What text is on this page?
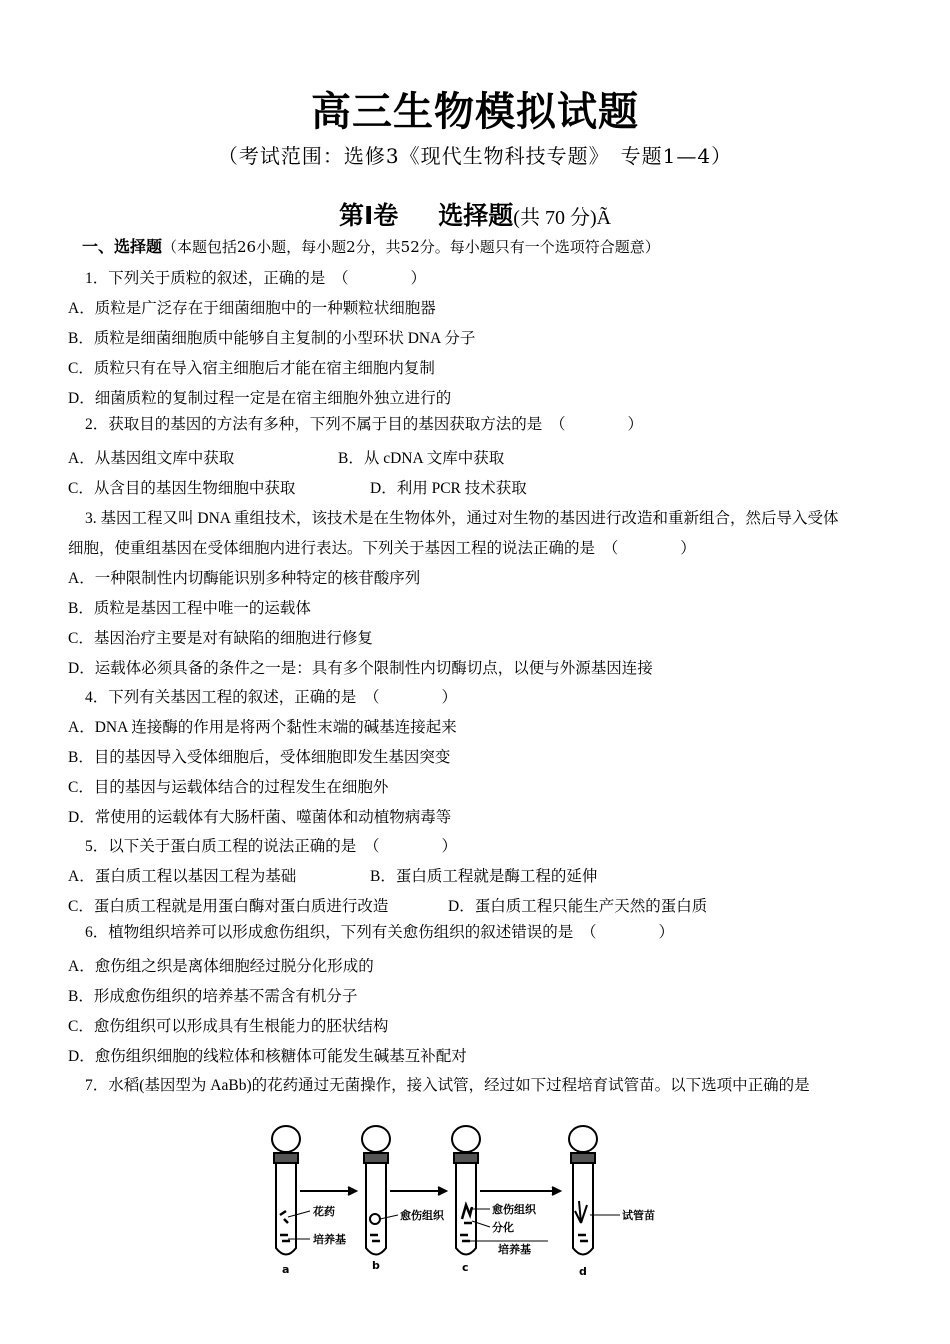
高三生物模拟试题
（考试范围：选修3《现代生物科技专题》　专题1—4）
第Ⅰ卷 选择题(共 70 分)Ã
一、选择题（本题包括26小题，每小题2分，共52分。每小题只有一个选项符合题意）
1．下列关于质粒的叙述，正确的是　 （　　　　）
A．质粒是广泛存在于细菌细胞中的一种颗粒状细胞器
B．质粒是细菌细胞质中能够自主复制的小型环状 DNA 分子
C．质粒只有在导入宿主细胞后才能在宿主细胞内复制
D．细菌质粒的复制过程一定是在宿主细胞外独立进行的
2．获取目的基因的方法有多种，下列不属于目的基因获取方法的是　 （　　　　）
A．从基因组文库中获取	B．从 cDNA 文库中获取
C．从含目的基因生物细胞中获取	D．利用 PCR 技术获取
3. 基因工程又叫 DNA 重组技术，该技术是在生物体外，通过对生物的基因进行改造和重新组合，然后导入受体
细胞，使重组基因在受体细胞内进行表达。下列关于基因工程的说法正确的是　 （　　　　）
A．一种限制性内切酶能识别多种特定的核苷酸序列
B．质粒是基因工程中唯一的运载体
C．基因治疗主要是对有缺陷的细胞进行修复
D．运载体必须具备的条件之一是：具有多个限制性内切酶切点，以便与外源基因连接
4．下列有关基因工程的叙述，正确的是　 （　　　　）
A．DNA 连接酶的作用是将两个黏性末端的碱基连接起来
B．目的基因导入受体细胞后，受体细胞即发生基因突变
C．目的基因与运载体结合的过程发生在细胞外
D．常使用的运载体有大肠杆菌、噬菌体和动植物病毒等
5．以下关于蛋白质工程的说法正确的是　 （　　　　）
A．蛋白质工程以基因工程为基础	B．蛋白质工程就是酶工程的延伸
C．蛋白质工程就是用蛋白酶对蛋白质进行改造	D．蛋白质工程只能生产天然的蛋白质
6．植物组织培养可以形成愈伤组织，下列有关愈伤组织的叙述错误的是　 （　　　　）
A．愈伤组之织是离体细胞经过脱分化形成的
B．形成愈伤组织的培养基不需含有机分子
C．愈伤组织可以形成具有生根能力的胚状结构
D．愈伤组织细胞的线粒体和核糖体可能发生碱基互补配对
7．水稻(基因型为 AaBb)的花药通过无菌操作，接入试管，经过如下过程培育试管苗。以下选项中正确的是
花药
培养基
愈伤组织	愈伤组织
分化
培养基
试管苗
a	b	c	d
